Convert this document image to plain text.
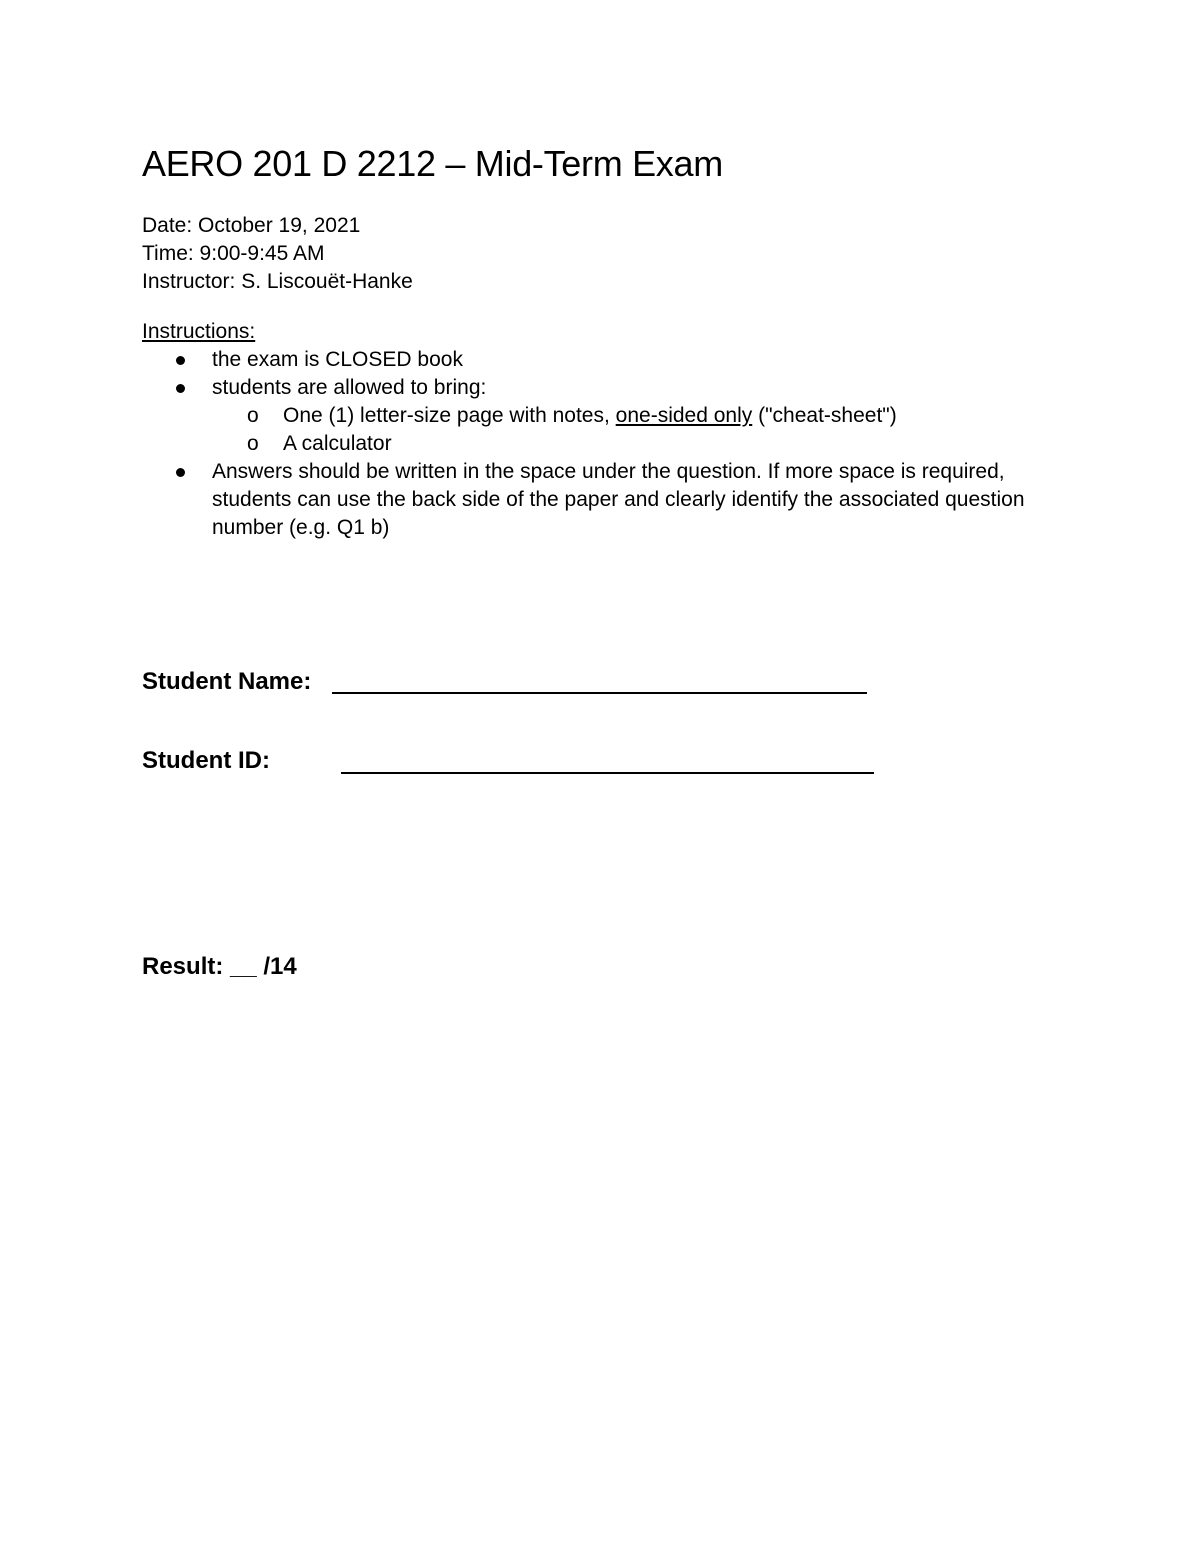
AERO 201 D 2212 – Mid-Term Exam
Date: October 19, 2021
Time: 9:00-9:45 AM
Instructor: S. Liscouët-Hanke
Instructions:
the exam is CLOSED book
students are allowed to bring:
o One (1) letter-size page with notes, one-sided only ("cheat-sheet")
o A calculator
Answers should be written in the space under the question. If more space is required, students can use the back side of the paper and clearly identify the associated question number (e.g. Q1 b)
Student Name:
Student ID:
Result: __ /14
